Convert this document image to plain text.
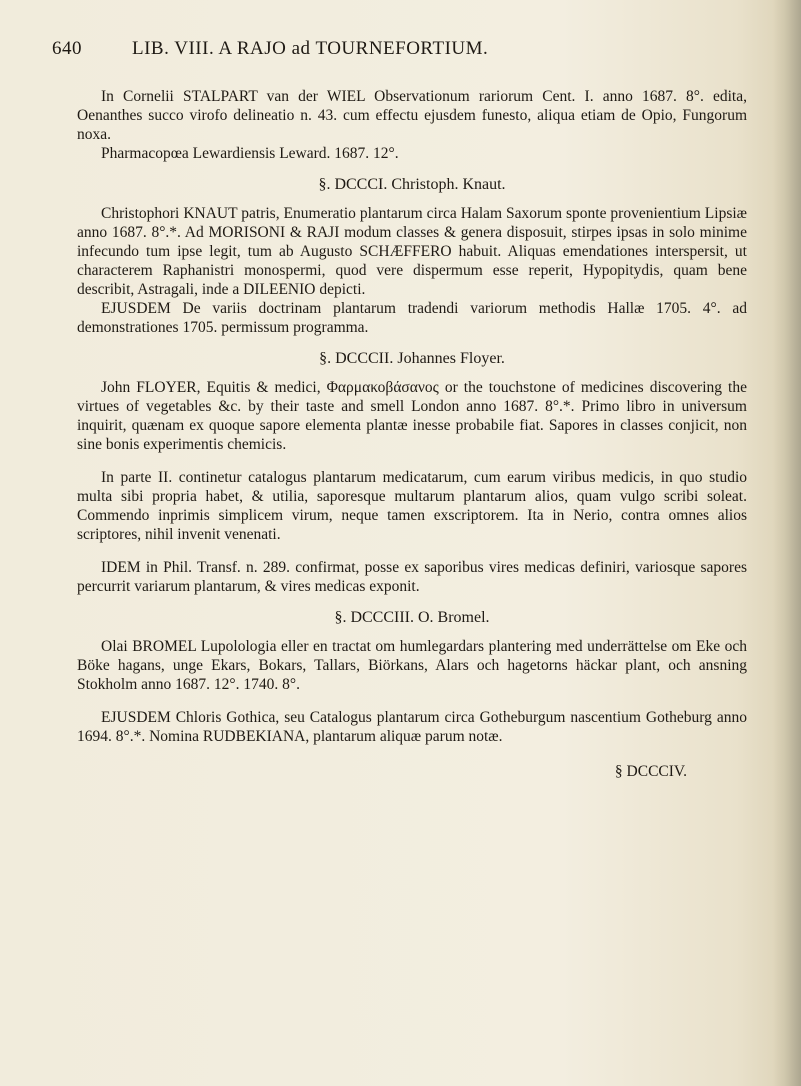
640	LIB. VIII. A RAJO ad TOURNEFORTIUM.

In Cornelii STALPART van der WIEL Observationum rariorum Cent. I. anno 1687. 8°. edita, Oenanthes succo virofo delineatio n. 43. cum effectu ejusdem funesto, aliqua etiam de Opio, Fungorum noxa.

Pharmacopœa Lewardiensis Leward. 1687. 12°.

§. DCCCI. Christoph. Knaut.

Christophori KNAUT patris, Enumeratio plantarum circa Halam Saxorum sponte provenientium Lipsiæ anno 1687. 8°.*. Ad MORISONI & RAJI modum classes & genera disposuit, stirpes ipsas in solo minime infecundo tum ipse legit, tum ab Augusto SCHÆFFERO habuit. Aliquas emendationes interspersit, ut characterem Raphanistri monospermi, quod vere dispermum esse reperit, Hypopitydis, quam bene describit, Astragali, inde a DILEENIO depicti.

EJUSDEM De variis doctrinam plantarum tradendi variorum methodis Hallæ 1705. 4°. ad demonstrationes 1705. permissum programma.

§. DCCCII. Johannes Floyer.

John FLOYER, Equitis & medici, Φαρμακοβάσανος or the touchstone of medicines discovering the virtues of vegetables &c. by their taste and smell London anno 1687. 8°.*. Primo libro in universum inquirit, quænam ex quoque sapore elementa plantæ inesse probabile fiat. Sapores in classes conjicit, non sine bonis experimentis chemicis.

In parte II. continetur catalogus plantarum medicatarum, cum earum viribus medicis, in quo studio multa sibi propria habet, & utilia, saporesque multarum plantarum alios, quam vulgo scribi soleat. Commendo inprimis simplicem virum, neque tamen exscriptorem. Ita in Nerio, contra omnes alios scriptores, nihil invenit venenati.

IDEM in Phil. Transf. n. 289. confirmat, posse ex saporibus vires medicas definiri, variosque sapores percurrit variarum plantarum, & vires medicas exponit.

§. DCCCIII. O. Bromel.

Olai BROMEL Lupolologia eller en tractat om humlegardars plantering med underrättelse om Eke och Böke hagans, unge Ekars, Bokars, Tallars, Biörkans, Alars och hagetorns häckar plant, och ansning Stokholm anno 1687. 12°. 1740. 8°.

EJUSDEM Chloris Gothica, seu Catalogus plantarum circa Gotheburgum nascentium Gotheburg anno 1694. 8°.*. Nomina RUDBEKIANA, plantarum aliquæ parum notæ.

§ DCCCIV.
